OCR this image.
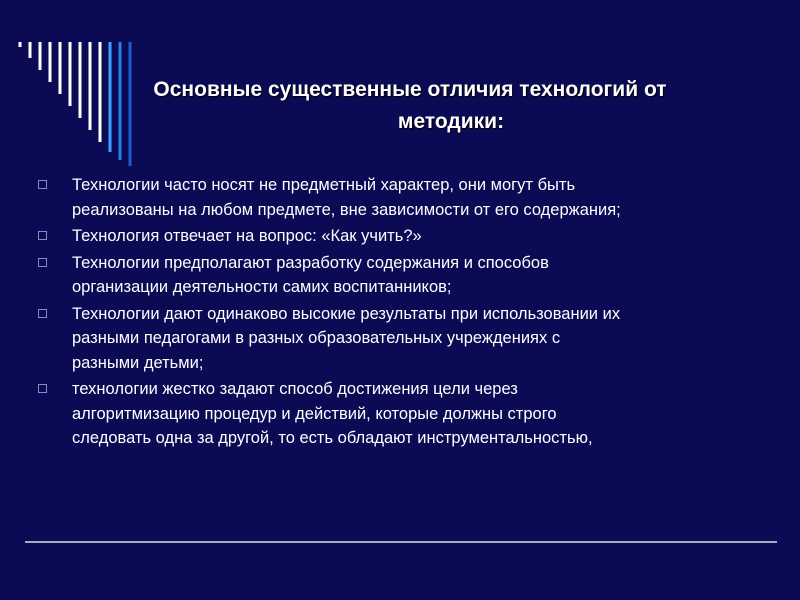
Основные существенные отличия технологий от
методики:
Технологии часто носят не предметный характер, они могут быть
реализованы на любом предмете, вне зависимости от его содержания;
Технология отвечает на вопрос: «Как учить?»
Технологии предполагают разработку содержания и способов
организации деятельности самих воспитанников;
Технологии дают одинаково высокие результаты при использовании их
разными педагогами в разных образовательных учреждениях с
разными детьми;
технологии жестко задают способ достижения цели через
алгоритмизацию процедур и действий, которые должны строго
следовать одна за другой, то есть обладают инструментальностью,
